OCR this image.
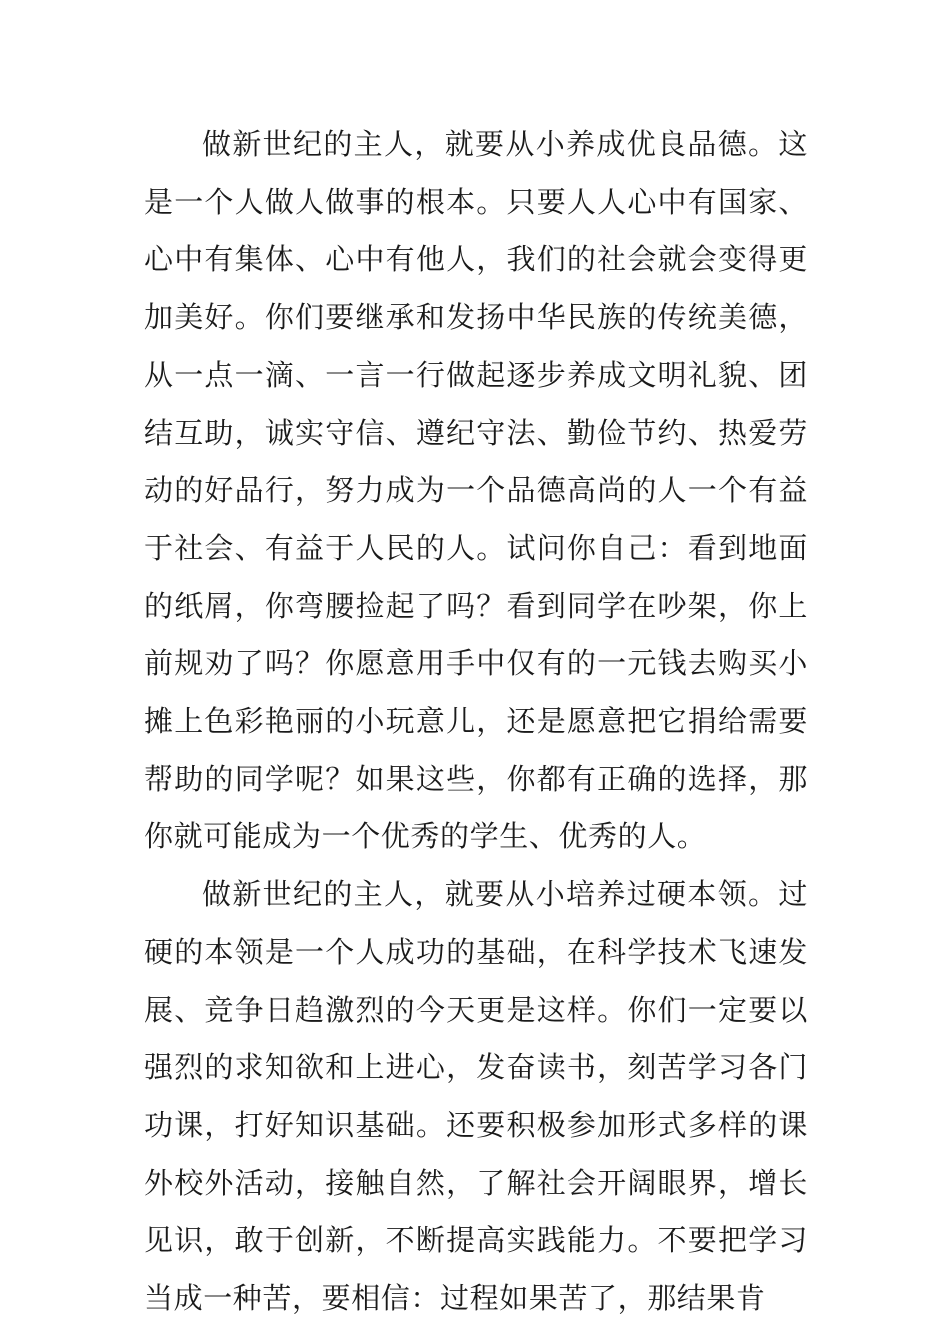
做新世纪的主人，就要从小养成优良品德。这是一个人做人做事的根本。只要人人心中有国家、心中有集体、心中有他人，我们的社会就会变得更加美好。你们要继承和发扬中华民族的传统美德，从一点一滴、一言一行做起逐步养成文明礼貌、团结互助，诚实守信、遵纪守法、勤俭节约、热爱劳动的好品行，努力成为一个品德高尚的人一个有益于社会、有益于人民的人。试问你自己：看到地面的纸屑，你弯腰捡起了吗？看到同学在吵架，你上前规劝了吗？你愿意用手中仅有的一元钱去购买小摊上色彩艳丽的小玩意儿，还是愿意把它捐给需要帮助的同学呢？如果这些，你都有正确的选择，那你就可能成为一个优秀的学生、优秀的人。

做新世纪的主人，就要从小培养过硬本领。过硬的本领是一个人成功的基础，在科学技术飞速发展、竞争日趋激烈的今天更是这样。你们一定要以强烈的求知欲和上进心，发奋读书，刻苦学习各门功课，打好知识基础。还要积极参加形式多样的课外校外活动，接触自然，了解社会开阔眼界，增长见识，敢于创新，不断提高实践能力。不要把学习当成一种苦，要相信：过程如果苦了，那结果肯
